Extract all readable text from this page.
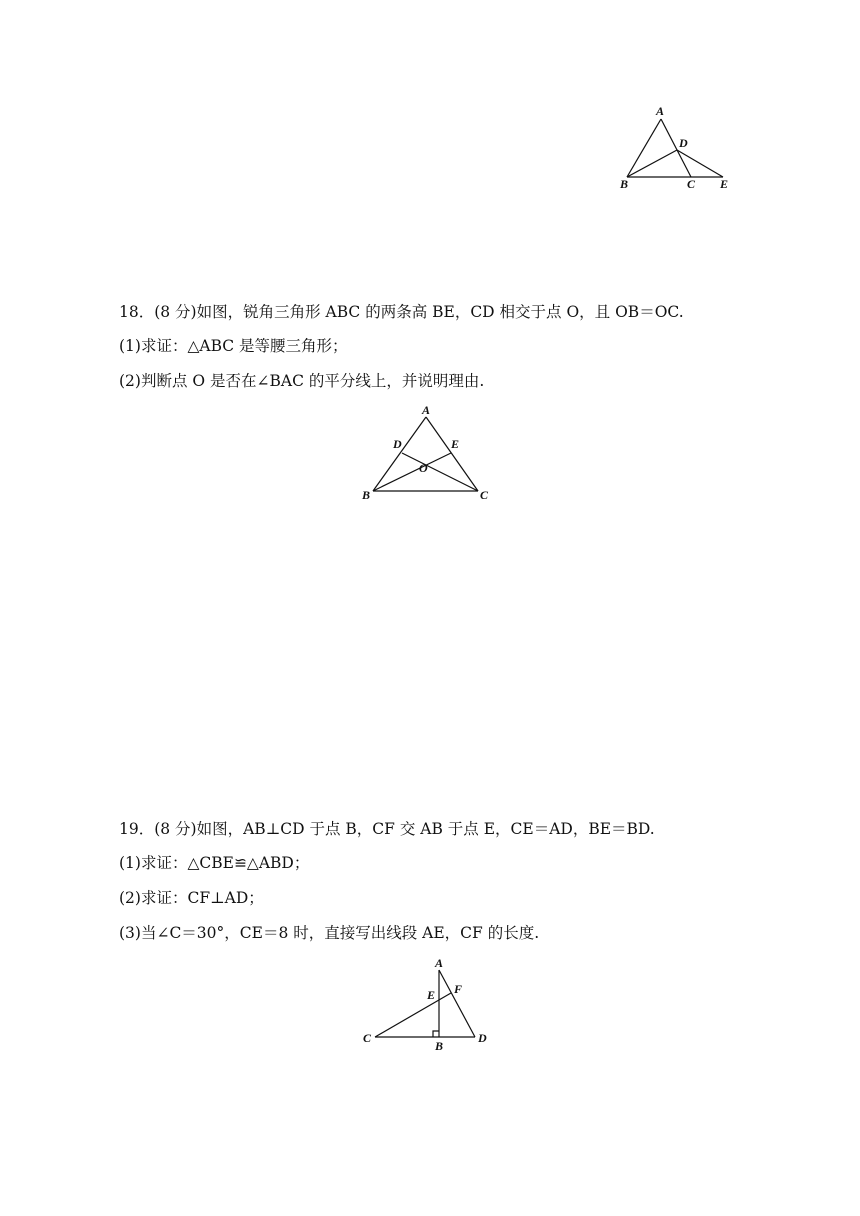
A
D
B	C E
18．(8 分)如图，锐角三角形 ABC 的两条高 BE，CD 相交于点 O，且 OB＝OC.
(1)求证：△ABC 是等腰三角形；
(2)判断点 O 是否在∠BAC 的平分线上，并说明理由.
A
D	E
O
B	C
19．(8 分)如图，AB⊥CD 于点 B，CF 交 AB 于点 E，CE＝AD，BE＝BD.
(1)求证：△CBE≌△ABD；
(2)求证：CF⊥AD；
(3)当∠C＝30°，CE＝8 时，直接写出线段 AE，CF 的长度.
A
E F
C
B
D
